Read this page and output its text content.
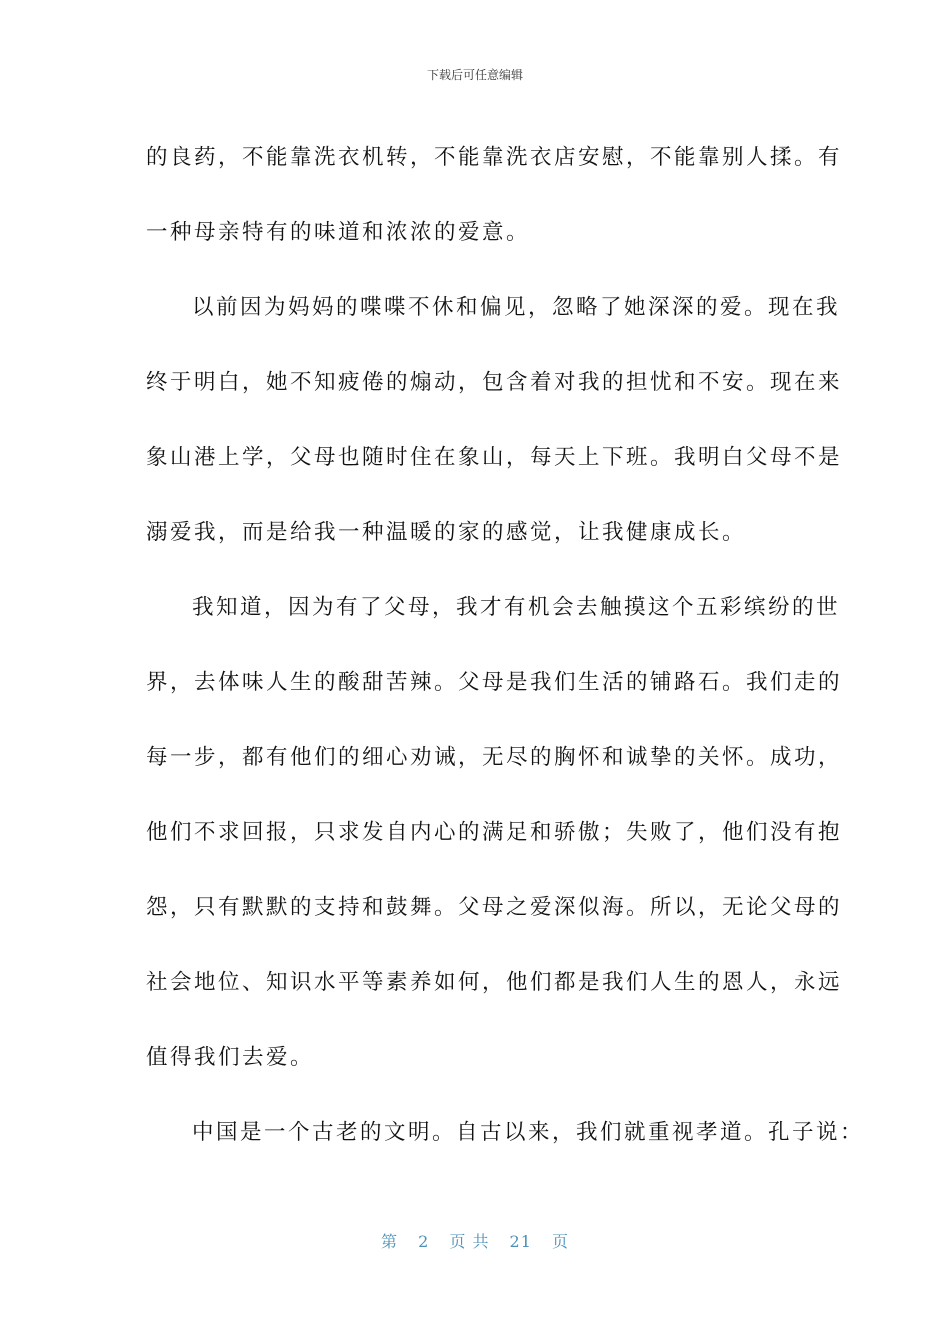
下载后可任意编辑
的良药，不能靠洗衣机转，不能靠洗衣店安慰，不能靠别人揉。有
一种母亲特有的味道和浓浓的爱意。
以前因为妈妈的喋喋不休和偏见，忽略了她深深的爱。现在我
终于明白，她不知疲倦的煽动，包含着对我的担忧和不安。现在来
象山港上学，父母也随时住在象山，每天上下班。我明白父母不是
溺爱我，而是给我一种温暖的家的感觉，让我健康成长。
我知道，因为有了父母，我才有机会去触摸这个五彩缤纷的世
界，去体味人生的酸甜苦辣。父母是我们生活的铺路石。我们走的
每一步，都有他们的细心劝诫，无尽的胸怀和诚挚的关怀。成功，
他们不求回报，只求发自内心的满足和骄傲；失败了，他们没有抱
怨，只有默默的支持和鼓舞。父母之爱深似海。所以，无论父母的
社会地位、知识水平等素养如何，他们都是我们人生的恩人，永远
值得我们去爱。
中国是一个古老的文明。自古以来，我们就重视孝道。孔子说：
第 2 页 共 21 页
